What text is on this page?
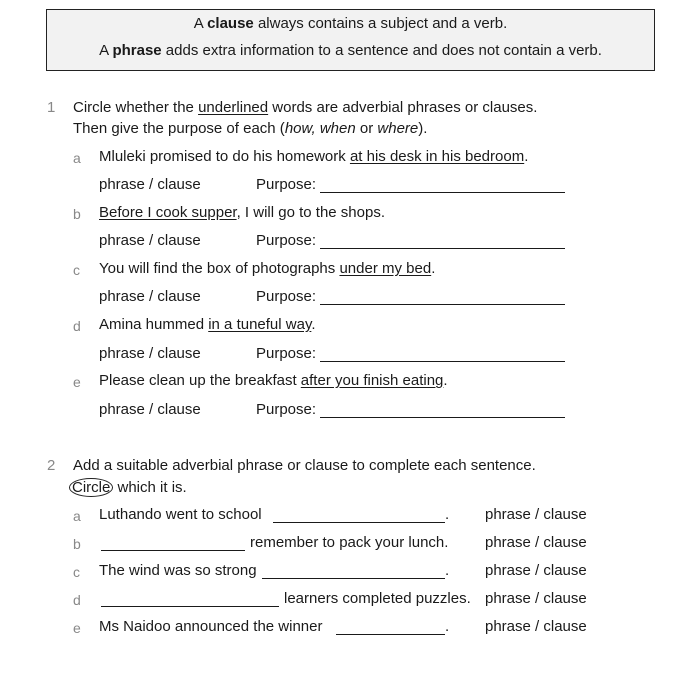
A clause always contains a subject and a verb.
A phrase adds extra information to a sentence and does not contain a verb.
1 Circle whether the underlined words are adverbial phrases or clauses.
Then give the purpose of each (how, when or where).
a Mluleki promised to do his homework at his desk in his bedroom.
phrase / clause	Purpose:
b Before I cook supper, I will go to the shops.
phrase / clause	Purpose:
c You will find the box of photographs under my bed.
phrase / clause	Purpose:
d Amina hummed in a tuneful way.
phrase / clause	Purpose:
e Please clean up the breakfast after you finish eating.
phrase / clause	Purpose:
2 Add a suitable adverbial phrase or clause to complete each sentence.
Circle which it is.
a Luthando went to school	. phrase / clause
b	remember to pack your lunch. phrase / clause
c The wind was so strong	. phrase / clause
d	learners completed puzzles. phrase / clause
e Ms Naidoo announced the winner	. phrase / clause
